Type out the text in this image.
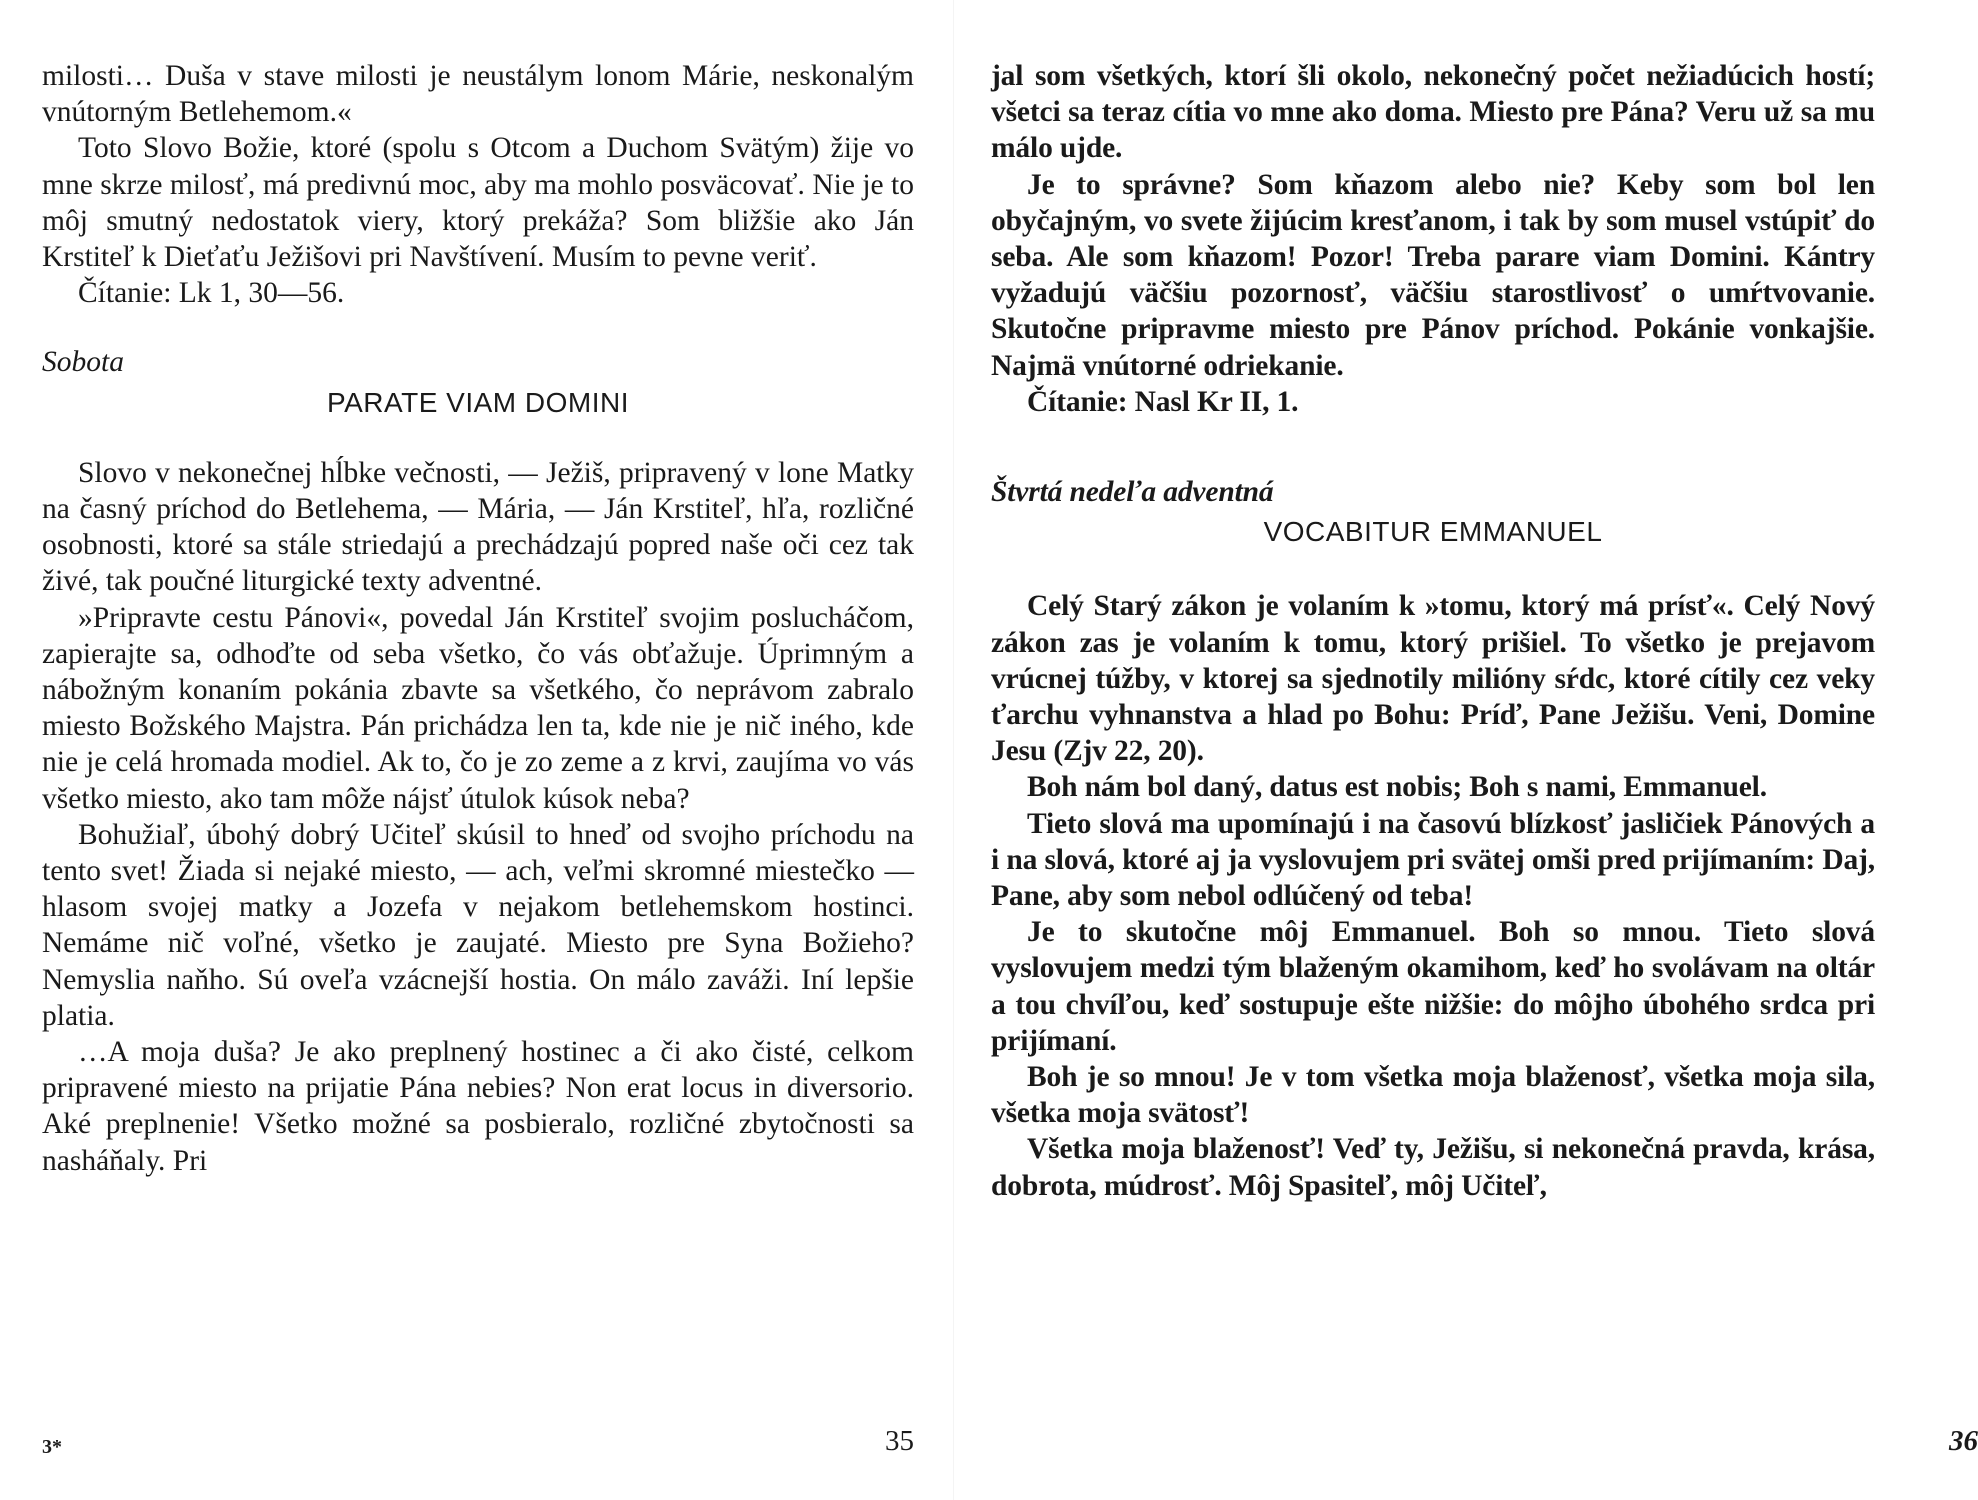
milosti… Duša v stave milosti je neustálym lonom Márie, neskonalým vnútorným Betlehemom.«

Toto Slovo Božie, ktoré (spolu s Otcom a Duchom Svätým) žije vo mne skrze milosť, má predivnú moc, aby ma mohlo posväcovať. Nie je to môj smutný nedostatok viery, ktorý prekáža? Som bližšie ako Ján Krstiteľ k Dieťaťu Ježišovi pri Navštívení. Musím to pevne veriť.

Čítanie: Lk 1, 30—56.

Sobota

PARATE VIAM DOMINI

Slovo v nekonečnej hĺbke večnosti, — Ježiš, pripravený v lone Matky na časný príchod do Betlehema, — Mária, — Ján Krstiteľ, hľa, rozličné osobnosti, ktoré sa stále striedajú a prechádzajú popred naše oči cez tak živé, tak poučné liturgické texty adventné.

»Pripravte cestu Pánovi«, povedal Ján Krstiteľ svojim poslucháčom, zapierajte sa, odhoďte od seba všetko, čo vás obťažuje. Úprimným a nábožným konaním pokánia zbavte sa všetkého, čo neprávom zabralo miesto Božského Majstra. Pán prichádza len ta, kde nie je nič iného, kde nie je celá hromada modiel. Ak to, čo je zo zeme a z krvi, zaujíma vo vás všetko miesto, ako tam môže nájsť útulok kúsok neba?

Bohužiaľ, úbohý dobrý Učiteľ skúsil to hneď od svojho príchodu na tento svet! Žiada si nejaké miesto, — ach, veľmi skromné miestečko — hlasom svojej matky a Jozefa v nejakom betlehemskom hostinci. Nemáme nič voľné, všetko je zaujaté. Miesto pre Syna Božieho? Nemyslia naňho. Sú oveľa vzácnejší hostia. On málo zaváži. Iní lepšie platia.

…A moja duša? Je ako preplnený hostinec a či ako čisté, celkom pripravené miesto na prijatie Pána nebies? Non erat locus in diversorio. Aké preplnenie! Všetko možné sa posbieralo, rozličné zbytočnosti sa nasháňaly. Pri

3*	35

jal som všetkých, ktorí šli okolo, nekonečný počet nežiadúcich hostí; všetci sa teraz cítia vo mne ako doma. Miesto pre Pána? Veru už sa mu málo ujde.

Je to správne? Som kňazom alebo nie? Keby som bol len obyčajným, vo svete žijúcim kresťanom, i tak by som musel vstúpiť do seba. Ale som kňazom! Pozor! Treba parare viam Domini. Kántry vyžadujú väčšiu pozornosť, väčšiu starostlivosť o umŕtvovanie. Skutočne pripravme miesto pre Pánov príchod. Pokánie vonkajšie. Najmä vnútorné odriekanie.

Čítanie: Nasl Kr II, 1.

Štvrtá nedeľa adventná

VOCABITUR EMMANUEL

Celý Starý zákon je volaním k »tomu, ktorý má prísť«. Celý Nový zákon zas je volaním k tomu, ktorý prišiel. To všetko je prejavom vrúcnej túžby, v ktorej sa sjednotily milióny sŕdc, ktoré cítily cez veky ťarchu vyhnanstva a hlad po Bohu: Príď, Pane Ježišu. Veni, Domine Jesu (Zjv 22, 20).

Boh nám bol daný, datus est nobis; Boh s nami, Emmanuel.

Tieto slová ma upomínajú i na časovú blízkosť jasličiek Pánových a i na slová, ktoré aj ja vyslovujem pri svätej omši pred prijímaním: Daj, Pane, aby som nebol odlúčený od teba!

Je to skutočne môj Emmanuel. Boh so mnou. Tieto slová vyslovujem medzi tým blaženým okamihom, keď ho svolávam na oltár a tou chvíľou, keď sostupuje ešte nižšie: do môjho úbohého srdca pri prijímaní.

Boh je so mnou! Je v tom všetka moja blaženosť, všetka moja sila, všetka moja svätosť!

Všetka moja blaženosť! Veď ty, Ježišu, si nekonečná pravda, krása, dobrota, múdrosť. Môj Spasiteľ, môj Učiteľ,

36
